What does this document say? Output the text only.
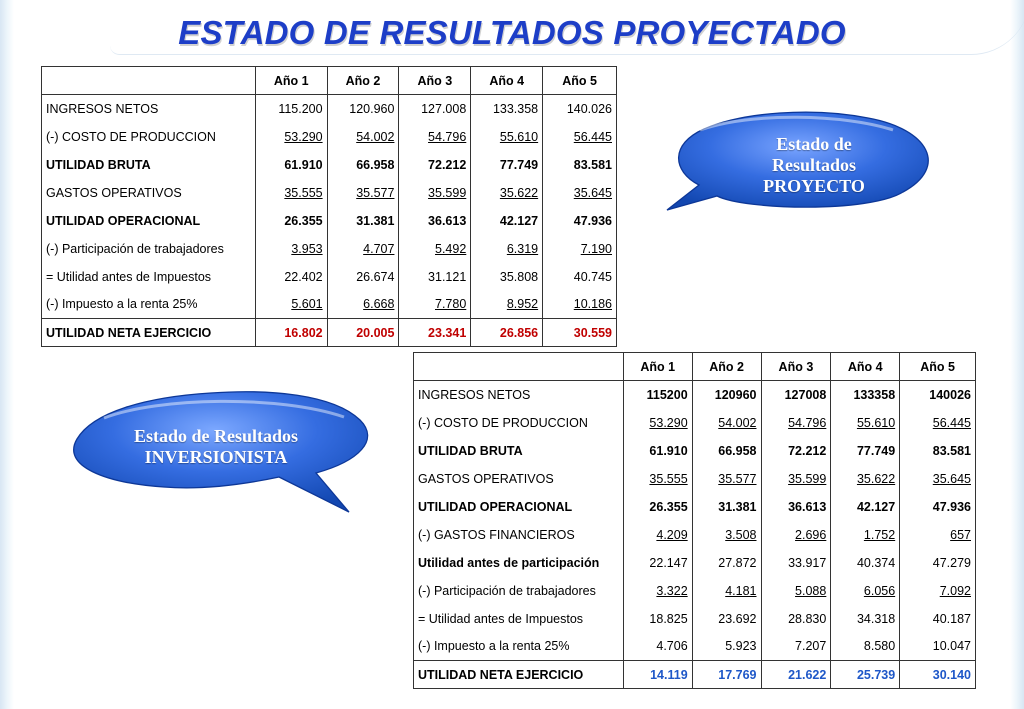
ESTADO DE RESULTADOS PROYECTADO
	Año 1	Año 2	Año 3	Año 4	Año 5
INGRESOS NETOS	115.200	120.960	127.008	133.358	140.026
(-) COSTO DE PRODUCCION	53.290	54.002	54.796	55.610	56.445
UTILIDAD BRUTA	61.910	66.958	72.212	77.749	83.581
GASTOS OPERATIVOS	35.555	35.577	35.599	35.622	35.645
UTILIDAD OPERACIONAL	26.355	31.381	36.613	42.127	47.936
(-) Participación de trabajadores	3.953	4.707	5.492	6.319	7.190
= Utilidad antes de Impuestos	22.402	26.674	31.121	35.808	40.745
(-) Impuesto a la renta 25%	5.601	6.668	7.780	8.952	10.186
UTILIDAD NETA EJERCICIO	16.802	20.005	23.341	26.856	30.559
	Año 1	Año 2	Año 3	Año 4	Año 5
INGRESOS NETOS	115200	120960	127008	133358	140026
(-) COSTO DE PRODUCCION	53.290	54.002	54.796	55.610	56.445
UTILIDAD BRUTA	61.910	66.958	72.212	77.749	83.581
GASTOS OPERATIVOS	35.555	35.577	35.599	35.622	35.645
UTILIDAD OPERACIONAL	26.355	31.381	36.613	42.127	47.936
(-) GASTOS FINANCIEROS	4.209	3.508	2.696	1.752	657
Utilidad antes de participación	22.147	27.872	33.917	40.374	47.279
(-) Participación de trabajadores	3.322	4.181	5.088	6.056	7.092
= Utilidad antes de Impuestos	18.825	23.692	28.830	34.318	40.187
(-) Impuesto a la renta 25%	4.706	5.923	7.207	8.580	10.047
UTILIDAD NETA EJERCICIO	14.119	17.769	21.622	25.739	30.140
Estado de
Resultados
PROYECTO
Estado de Resultados
INVERSIONISTA
